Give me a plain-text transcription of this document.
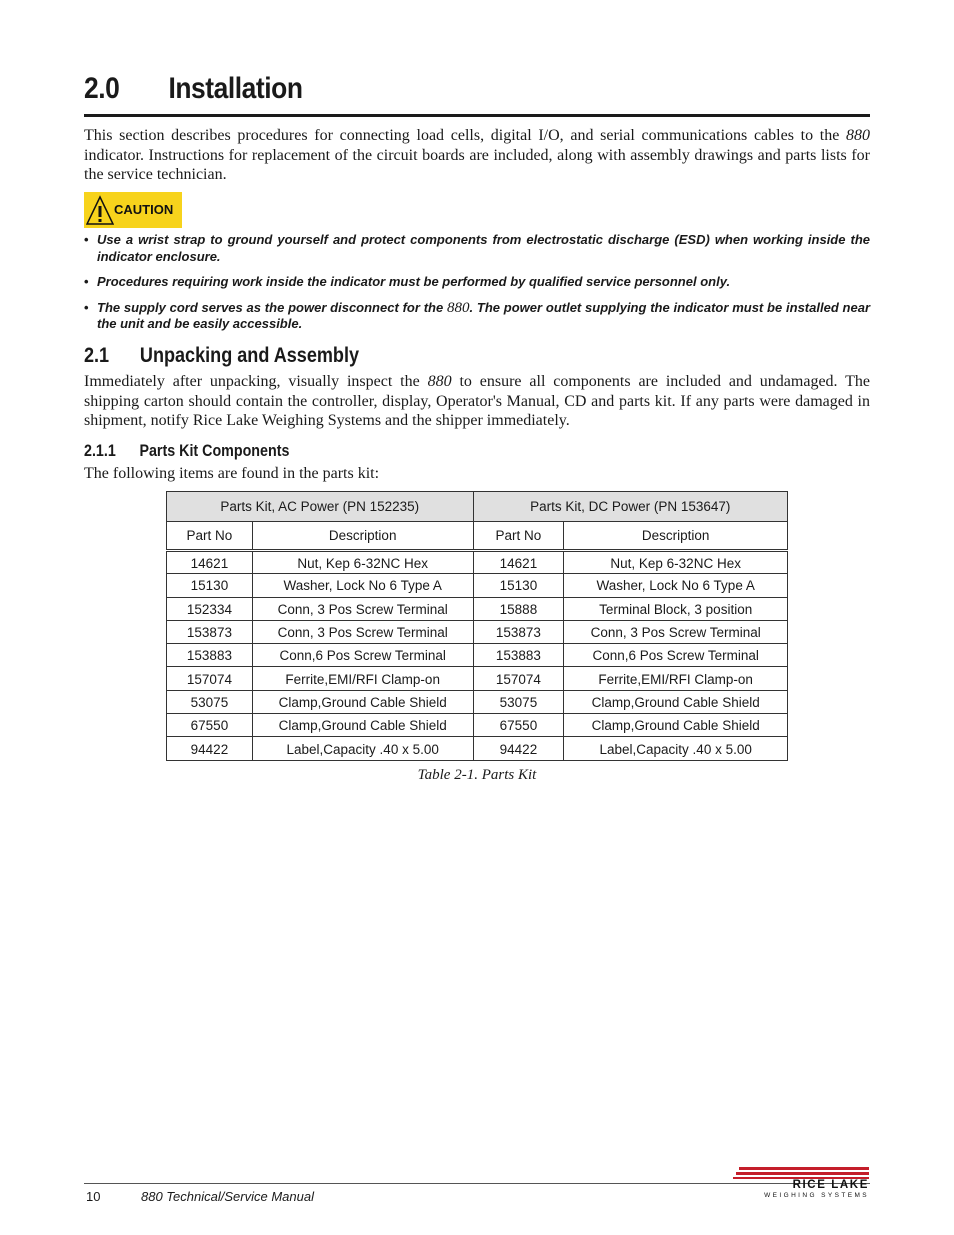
2.0 Installation

This section describes procedures for connecting load cells, digital I/O, and serial communications cables to the 880 indicator. Instructions for replacement of the circuit boards are included, along with assembly drawings and parts lists for the service technician.

CAUTION
• Use a wrist strap to ground yourself and protect components from electrostatic discharge (ESD) when working inside the indicator enclosure.
• Procedures requiring work inside the indicator must be performed by qualified service personnel only.
• The supply cord serves as the power disconnect for the 880. The power outlet supplying the indicator must be installed near the unit and be easily accessible.
2.1 Unpacking and Assembly

Immediately after unpacking, visually inspect the 880 to ensure all components are included and undamaged. The shipping carton should contain the controller, display, Operator's Manual, CD and parts kit. If any parts were damaged in shipment, notify Rice Lake Weighing Systems and the shipper immediately.

2.1.1 Parts Kit Components

The following items are found in the parts kit:

Parts Kit, AC Power (PN 152235)		Parts Kit, DC Power (PN 153647)	
Part No	Description	Part No	Description
14621	Nut, Kep 6-32NC Hex	14621	Nut, Kep 6-32NC Hex
15130	Washer, Lock No 6 Type A	15130	Washer, Lock No 6 Type A
152334	Conn, 3 Pos Screw Terminal	15888	Terminal Block, 3 position
153873	Conn, 3 Pos Screw Terminal	153873	Conn, 3 Pos Screw Terminal
153883	Conn,6 Pos Screw Terminal	153883	Conn,6 Pos Screw Terminal
157074	Ferrite,EMI/RFI Clamp-on	157074	Ferrite,EMI/RFI Clamp-on
53075	Clamp,Ground Cable Shield	53075	Clamp,Ground Cable Shield
67550	Clamp,Ground Cable Shield	67550	Clamp,Ground Cable Shield
94422	Label,Capacity .40 x 5.00	94422	Label,Capacity .40 x 5.00
Table 2-1. Parts Kit
10	880 Technical/Service Manual
RICE LAKE
WEIGHING SYSTEMS
